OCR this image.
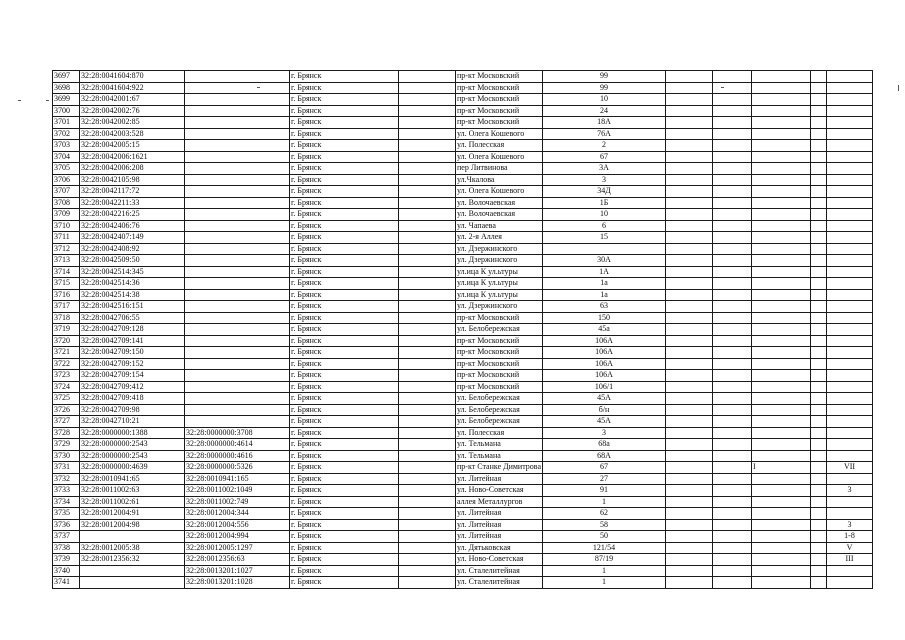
3697	32:28:0041604:870		г. Брянск		пр-кт Московский	99					
3698	32:28:0041604:922		г. Брянск		пр-кт Московский	99					
3699	32:28:0042001:67		г. Брянск		пр-кт Московский	10					
3700	32:28:0042002:76		г. Брянск		пр-кт Московский	24					
3701	32:28:0042002:85		г. Брянск		пр-кт Московский	18А					
3702	32:28:0042003:528		г. Брянск		ул. Олега Кошевого	76А					
3703	32:28:0042005:15		г. Брянск		ул. Полесская	2					
3704	32:28:0042006:1621		г. Брянск		ул. Олега Кошевого	67					
3705	32:28:0042006:208		г. Брянск		пер Литвинова	3А					
3706	32:28:0042105:98		г. Брянск		ул.Чкалова	3					
3707	32:28:0042117:72		г. Брянск		ул. Олега Кошевого	34Д					
3708	32:28:0042211:33		г. Брянск		ул. Волочаевская	1Б					
3709	32:28:0042216:25		г. Брянск		ул. Волочаевская	10					
3710	32:28:0042406:76		г. Брянск		ул. Чапаева	6					
3711	32:28:0042407:149		г. Брянск		ул. 2-я Аллея	15					
3712	32:28:0042408:92		г. Брянск		ул. Дзержинского						
3713	32:28:0042509:50		г. Брянск		ул. Дзержинского	30А					
3714	32:28:0042514:345		г. Брянск		ул.ица К ул.ьтуры	1А					
3715	32:28:0042514:36		г. Брянск		ул.ица К ул.ьтуры	1а					
3716	32:28:0042514:38		г. Брянск		ул.ица К ул.ьтуры	1а					
3717	32:28:0042516:151		г. Брянск		ул. Дзержинского	63					
3718	32:28:0042706:55		г. Брянск		пр-кт Московский	150					
3719	32:28:0042709:128		г. Брянск		ул. Белобережская	45а					
3720	32:28:0042709:141		г. Брянск		пр-кт Московский	106А					
3721	32:28:0042709:150		г. Брянск		пр-кт Московский	106А					
3722	32:28:0042709:152		г. Брянск		пр-кт Московский	106А					
3723	32:28:0042709:154		г. Брянск		пр-кт Московский	106А					
3724	32:28:0042709:412		г. Брянск		пр-кт Московский	106/1					
3725	32:28:0042709:418		г. Брянск		ул. Белобережская	45А					
3726	32:28:0042709:98		г. Брянск		ул. Белобережская	б/н					
3727	32:28:0042710:21		г. Брянск		ул. Белобережская	45А					
3728	32:28:0000000:1388	32:28:0000000:3708	г. Брянск		ул. Полесская	3					
3729	32:28:0000000:2543	32:28:0000000:4614	г. Брянск		ул. Тельмана	68а					
3730	32:28:0000000:2543	32:28:0000000:4616	г. Брянск		ул. Тельмана	68А					
3731	32:28:0000000:4639	32:28:0000000:5326	г. Брянск		пр-кт Станке Димитрова	67			I		VII
3732	32:28:0010941:65	32:28:0010941:165	г. Брянск		ул. Литейная	27					
3733	32:28:0011002:63	32:28:0011002:1049	г. Брянск		ул. Ново-Советская	91					3
3734	32:28:0011002:61	32:28:0011002:749	г. Брянск		аллея Металлургов	1					
3735	32:28:0012004:91	32:28:0012004:344	г. Брянск		ул. Литейная	62					
3736	32:28:0012004:98	32:28:0012004:556	г. Брянск		ул. Литейная	58					3
3737		32:28:0012004:994	г. Брянск		ул. Литейная	50					1-8
3738	32:28:0012005:38	32:28:0012005:1297	г. Брянск		ул. Дятьковская	121/54					V
3739	32:28:0012356:32	32:28:0012356:63	г. Брянск		ул. Ново-Советская	87/19					III
3740		32:28:0013201:1027	г. Брянск		ул. Сталелитейная	1					
3741		32:28:0013201:1028	г. Брянск		ул. Сталелитейная	1					
